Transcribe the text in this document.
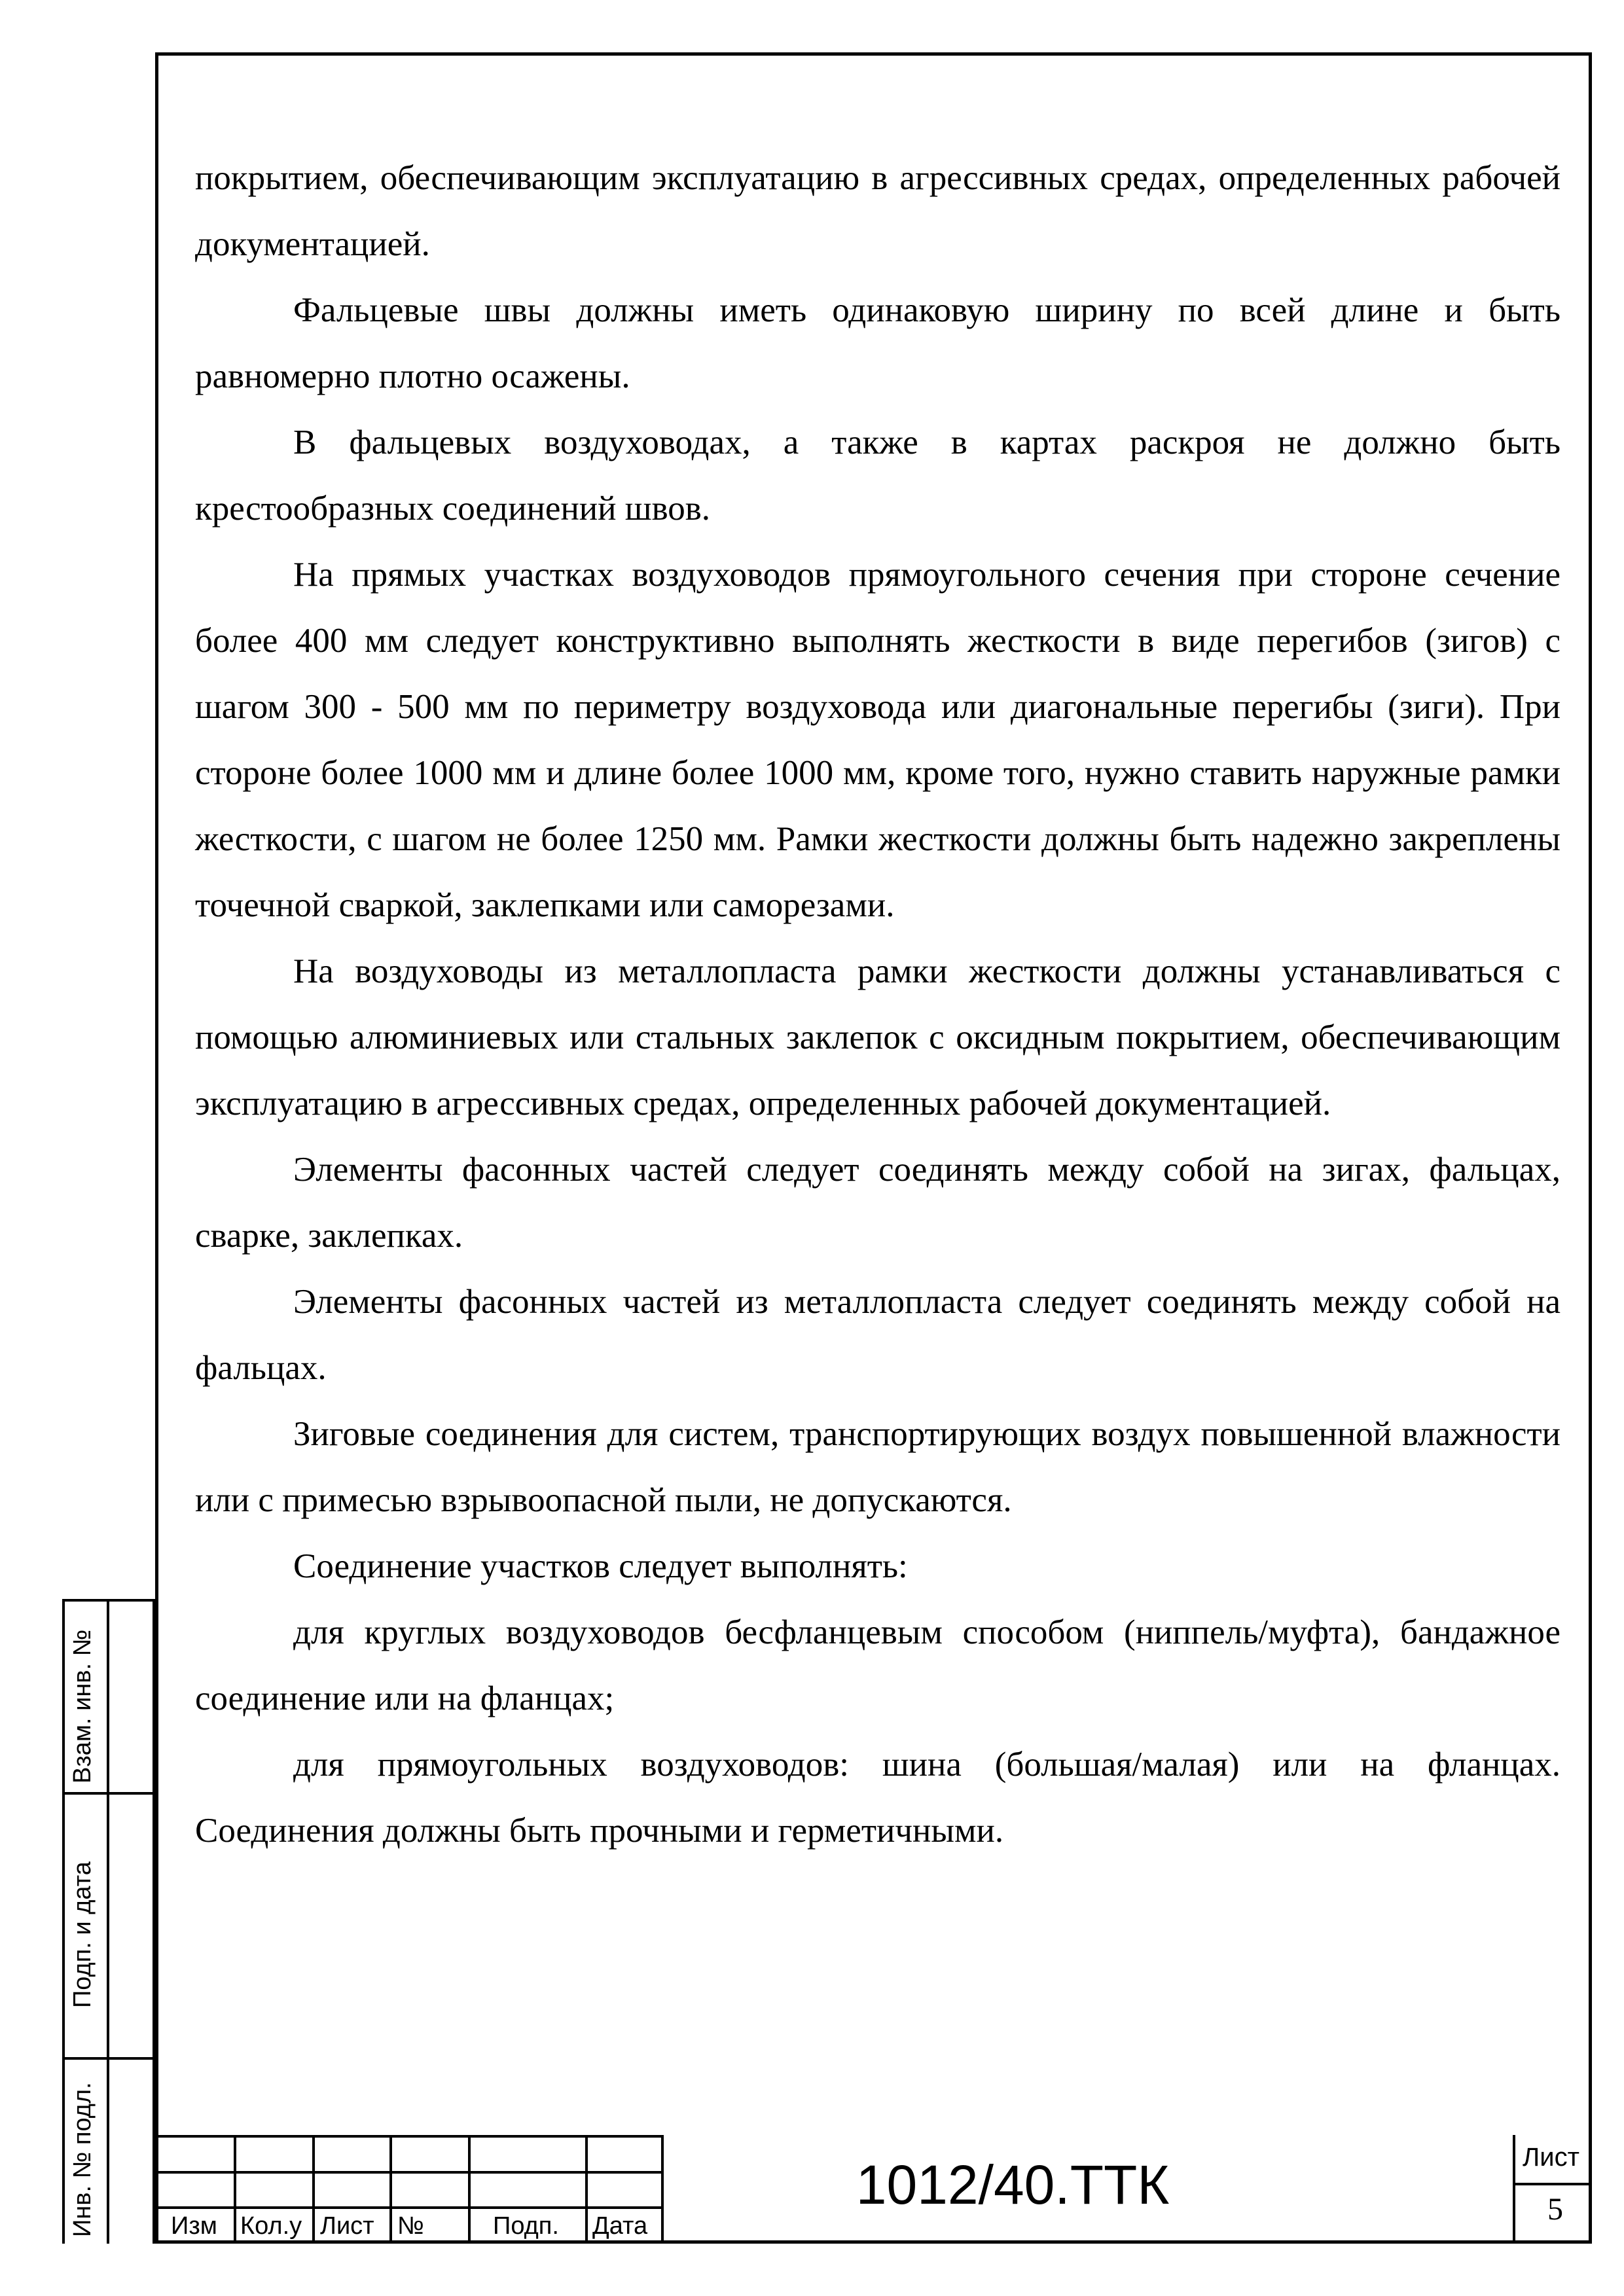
покрытием, обеспечивающим эксплуатацию в агрессивных средах, определенных рабочей документацией.

Фальцевые швы должны иметь одинаковую ширину по всей длине и быть равномерно плотно осажены.

В фальцевых воздуховодах, а также в картах раскроя не должно быть крестообразных соединений швов.

На прямых участках воздуховодов прямоугольного сечения при стороне сечение более 400 мм следует конструктивно выполнять жесткости в виде перегибов (зигов) с шагом 300 - 500 мм по периметру воздуховода или диагональные перегибы (зиги). При стороне более 1000 мм и длине более 1000 мм, кроме того, нужно ставить наружные рамки жесткости, с шагом не более 1250 мм. Рамки жесткости должны быть надежно закреплены точечной сваркой, заклепками или саморезами.

На воздуховоды из металлопласта рамки жесткости должны устанавливаться с помощью алюминиевых или стальных заклепок с оксидным покрытием, обеспечивающим эксплуатацию в агрессивных средах, определенных рабочей документацией.

Элементы фасонных частей следует соединять между собой на зигах, фальцах, сварке, заклепках.

Элементы фасонных частей из металлопласта следует соединять между собой на фальцах.

Зиговые соединения для систем, транспортирующих воздух повышенной влажности или с примесью взрывоопасной пыли, не допускаются.

Соединение участков следует выполнять:

для круглых воздуховодов бесфланцевым способом (ниппель/муфта), бандажное соединение или на фланцах;

для прямоугольных воздуховодов: шина (большая/малая) или на фланцах. Соединения должны быть прочными и герметичными.

Взам. инв. №
Подп. и дата
Инв. № подл.	Изм Кол.у Лист №	Подп. Дата
1012/40.ТТК	Лист
5
